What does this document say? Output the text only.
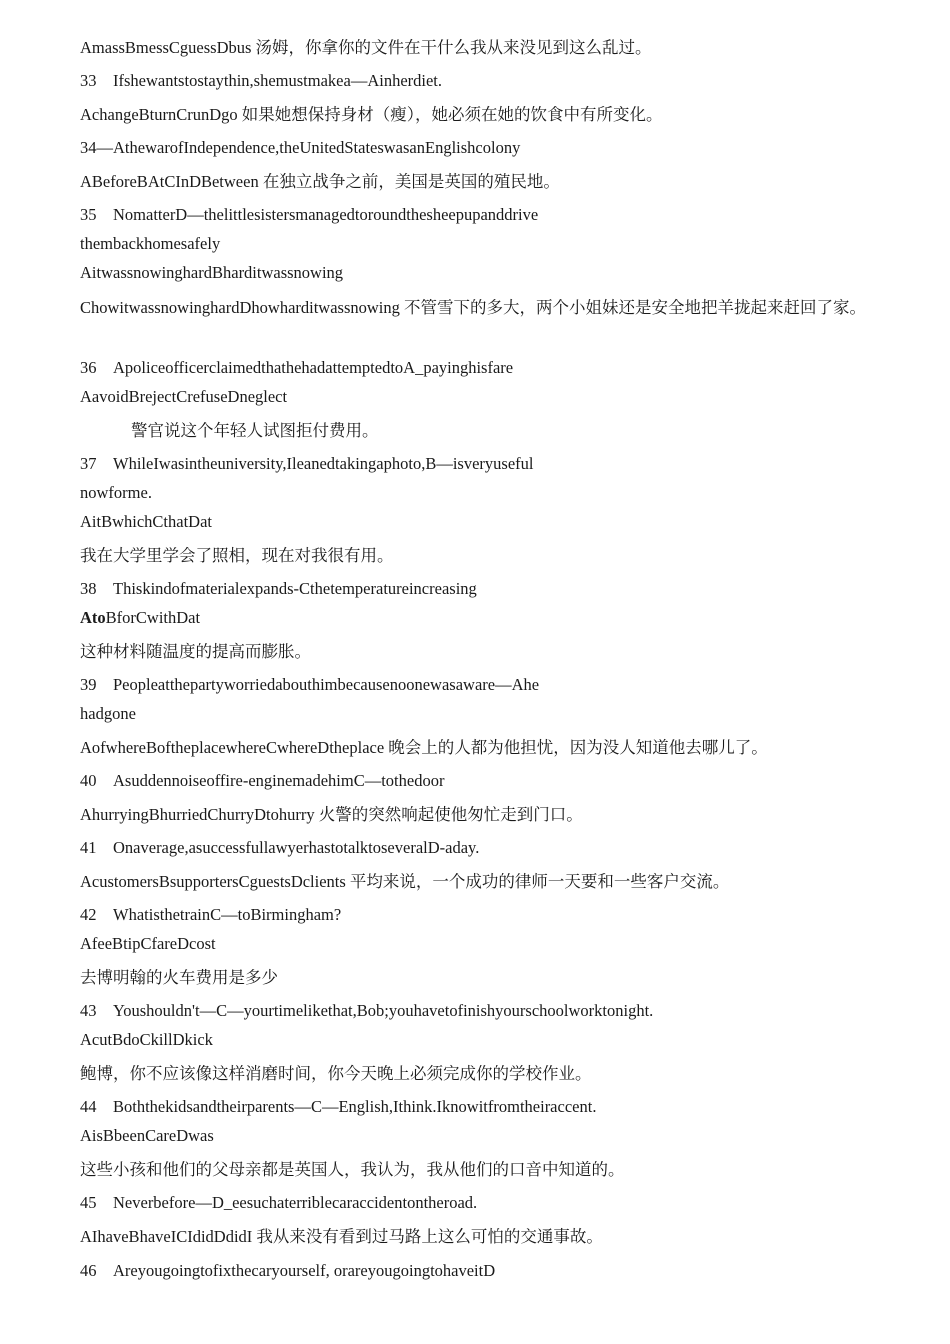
AmassBmessCguessDbus 汤姆，你拿你的文件在干什么我从来没见到这么乱过。
33　Ifshewantstostaythin,shemustmakea—Ainherdiet.
AchangeBturnCrunDgo 如果她想保持身材（瘦），她必须在她的饮食中有所变化。
34—AthewarofIndependence,theUnitedStateswasanEnglishcolony
ABeforeBAtCInDBetween 在独立战争之前，美国是英国的殖民地。
35　NomatterD—thelittlesistersmanagedtoroundthesheepupanddrive
thembackhomesafely
AitwassnowinghardBharditwassnowing
ChowitwassnowinghardDhowharditwassnowing 不管雪下的多大，两个小姐妹还是安全地把羊拢起来赶回了家。
36　ApoliceofficerclaimedthathehadattemptedtoA_payinghisfare
AavoidBrejectCrefuseDneglect
警官说这个年轻人试图拒付费用。
37　WhileIwasintheuniversity,Ileanedtakingaphoto,B—isveryuseful
nowforme.
AitBwhichCthatDat
我在大学里学会了照相，现在对我很有用。
38　Thiskindofmaterialexpands-Cthetemperatureincreasing
AtoBforCwithDat
这种材料随温度的提高而膨胀。
39　Peopleatthepartyworriedabouthimbecausenoonewasaware—Ahe
hadgone
AofwhereBoftheplacewhereCwhereDtheplace 晚会上的人都为他担忧，因为没人知道他去哪儿了。
40　Asuddennoiseoffire-enginemadehimC—tothedoor
AhurryingBhurriedChurryDtohurry 火警的突然响起使他匆忙走到门口。
41　Onaverage,asuccessfullawyerhastotalktoseveralD-aday.
AcustomersBsupportersCguestsDclients 平均来说，一个成功的律师一天要和一些客户交流。
42　WhatisthetrainC—toBirmingham?
AfeeBtipCfareDcost
去博明翰的火车费用是多少
43　Youshouldn't—C—yourtimelikethat,Bob;youhavetofinishyourschoolworktonight.
AcutBdoCkillDkick
鲍博，你不应该像这样消磨时间，你今天晚上必须完成你的学校作业。
44　Boththekidsandtheirparents—C—English,Ithink.Iknowitfromtheiraccent.
AisBbeenCareDwas
这些小孩和他们的父母亲都是英国人，我认为，我从他们的口音中知道的。
45　Neverbefore—D_eesuchaterriblecaraccidentontheroad.
AIhaveBhaveICIdidDdidI 我从来没有看到过马路上这么可怕的交通事故。
46　Areyougoingtofixthecaryourself, orareyougoingtohaveitD
